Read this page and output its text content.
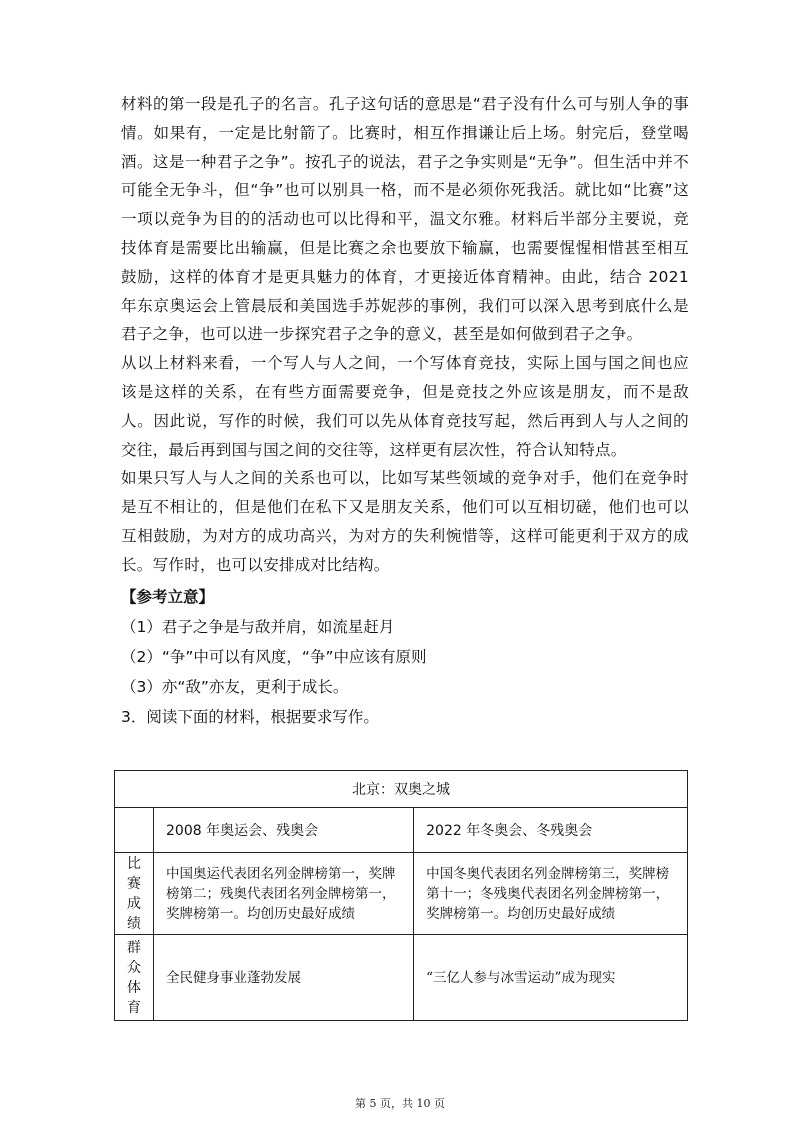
材料的第一段是孔子的名言。孔子这句话的意思是“君子没有什么可与别人争的事情。如果有，一定是比射箭了。比赛时，相互作揖谦让后上场。射完后，登堂喝酒。这是一种君子之争”。按孔子的说法，君子之争实则是“无争”。但生活中并不可能全无争斗，但“争”也可以别具一格，而不是必须你死我活。就比如“比赛”这一项以竞争为目的的活动也可以比得和平，温文尔雅。材料后半部分主要说，竞技体育是需要比出输赢，但是比赛之余也要放下输赢，也需要惺惺相惜甚至相互鼓励，这样的体育才是更具魅力的体育，才更接近体育精神。由此，结合 2021 年东京奥运会上管晨辰和美国选手苏妮莎的事例，我们可以深入思考到底什么是君子之争，也可以进一步探究君子之争的意义，甚至是如何做到君子之争。

从以上材料来看，一个写人与人之间，一个写体育竞技，实际上国与国之间也应该是这样的关系，在有些方面需要竞争，但是竞技之外应该是朋友，而不是敌人。因此说，写作的时候，我们可以先从体育竞技写起，然后再到人与人之间的交往，最后再到国与国之间的交往等，这样更有层次性，符合认知特点。

如果只写人与人之间的关系也可以，比如写某些领域的竞争对手，他们在竞争时是互不相让的，但是他们在私下又是朋友关系，他们可以互相切磋，他们也可以互相鼓励，为对方的成功高兴，为对方的失利惋惜等，这样可能更利于双方的成长。写作时，也可以安排成对比结构。

【参考立意】

（1）君子之争是与敌并肩，如流星赶月

（2）“争”中可以有风度，“争”中应该有原则

（3）亦“敌”亦友，更利于成长。

3．阅读下面的材料，根据要求写作。

北京：双奥之城		
	2008 年奥运会、残奥会	2022 年冬奥会、冬残奥会
比赛成绩	中国奥运代表团名列金牌榜第一，奖牌榜第二；残奥代表团名列金牌榜第一，奖牌榜第一。均创历史最好成绩	中国冬奥代表团名列金牌榜第三，奖牌榜第十一；冬残奥代表团名列金牌榜第一，奖牌榜第一。均创历史最好成绩
群众体育	全民健身事业蓬勃发展	“三亿人参与冰雪运动”成为现实
第 5 页，共 10 页
